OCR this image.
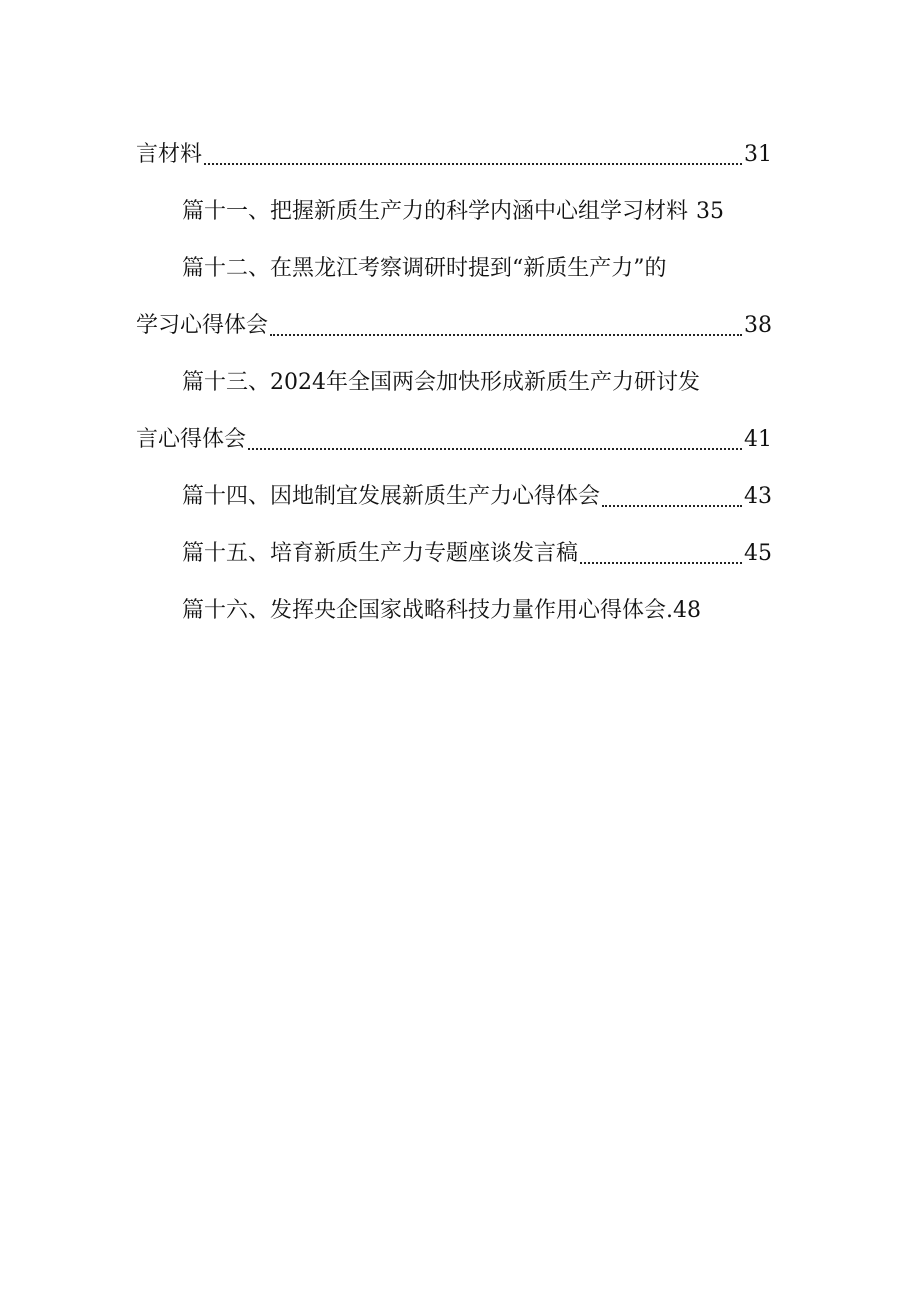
言材料	31
篇十一、把握新质生产力的科学内涵中心组学习材料 35
篇十二、在黑龙江考察调研时提到“新质生产力”的
学习心得体会	38
篇十三、2024年全国两会加快形成新质生产力研讨发
言心得体会	41
篇十四、因地制宜发展新质生产力心得体会	43
篇十五、培育新质生产力专题座谈发言稿	45
篇十六、发挥央企国家战略科技力量作用心得体会. 48
